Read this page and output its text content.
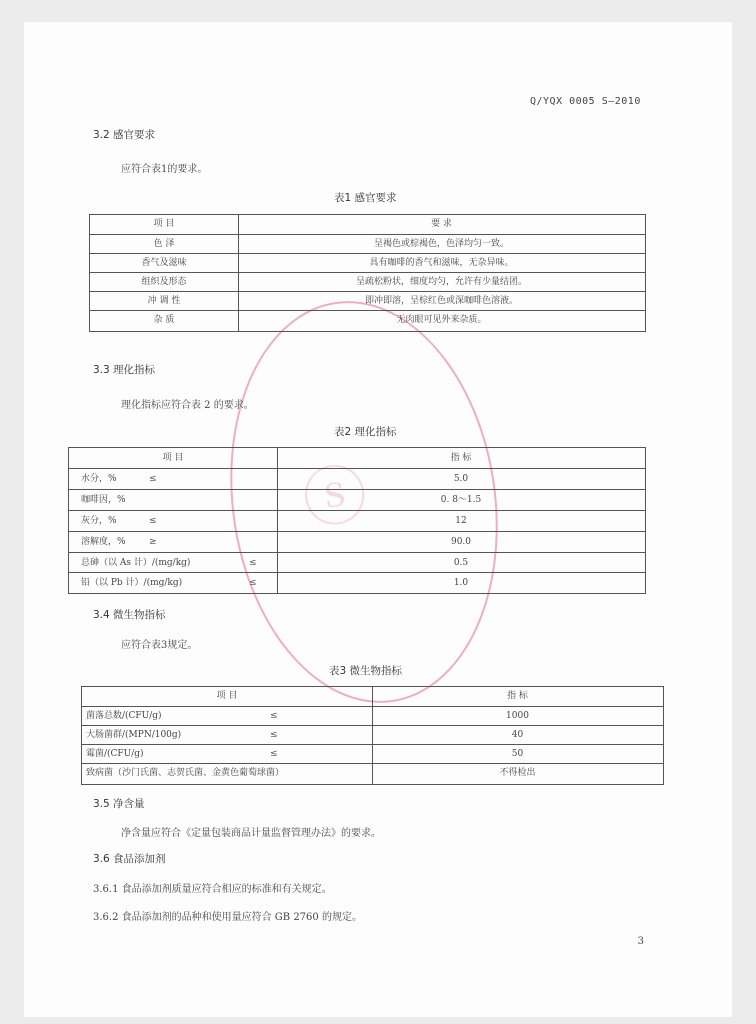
ⓢ
Q/YQX 0005 S—2010
3.2 感官要求
应符合表1的要求。
表1 感官要求
项 目	要 求
色 泽	呈褐色或棕褐色，色泽均匀一致。
香气及滋味	具有咖啡的香气和滋味，无杂异味。
组织及形态	呈疏松粉状，细度均匀，允许有少量结团。
冲 调 性	即冲即溶，呈棕红色或深咖啡色溶液。
杂 质	无肉眼可见外来杂质。
3.3 理化指标
理化指标应符合表 2 的要求。
表2 理化指标
项 目	指 标
水分，%	≤	5.0
咖啡因，%	0. 8～1.5
灰分，%	≤	12
溶解度，%	≥	90.0
总砷（以 As 计）/(mg/kg)	≤	0.5
铅（以 Pb 计）/(mg/kg)	≤	1.0
3.4 微生物指标
应符合表3规定。
表3 微生物指标
项 目	指 标
菌落总数/(CFU/g)	≤	1000
大肠菌群/(MPN/100g)	≤	40
霉菌/(CFU/g)	≤	50
致病菌（沙门氏菌、志贺氏菌、金黄色葡萄球菌）	不得检出
3.5 净含量
净含量应符合《定量包装商品计量监督管理办法》的要求。
3.6 食品添加剂
3.6.1 食品添加剂质量应符合相应的标准和有关规定。
3.6.2 食品添加剂的品种和使用量应符合 GB 2760 的规定。
3
